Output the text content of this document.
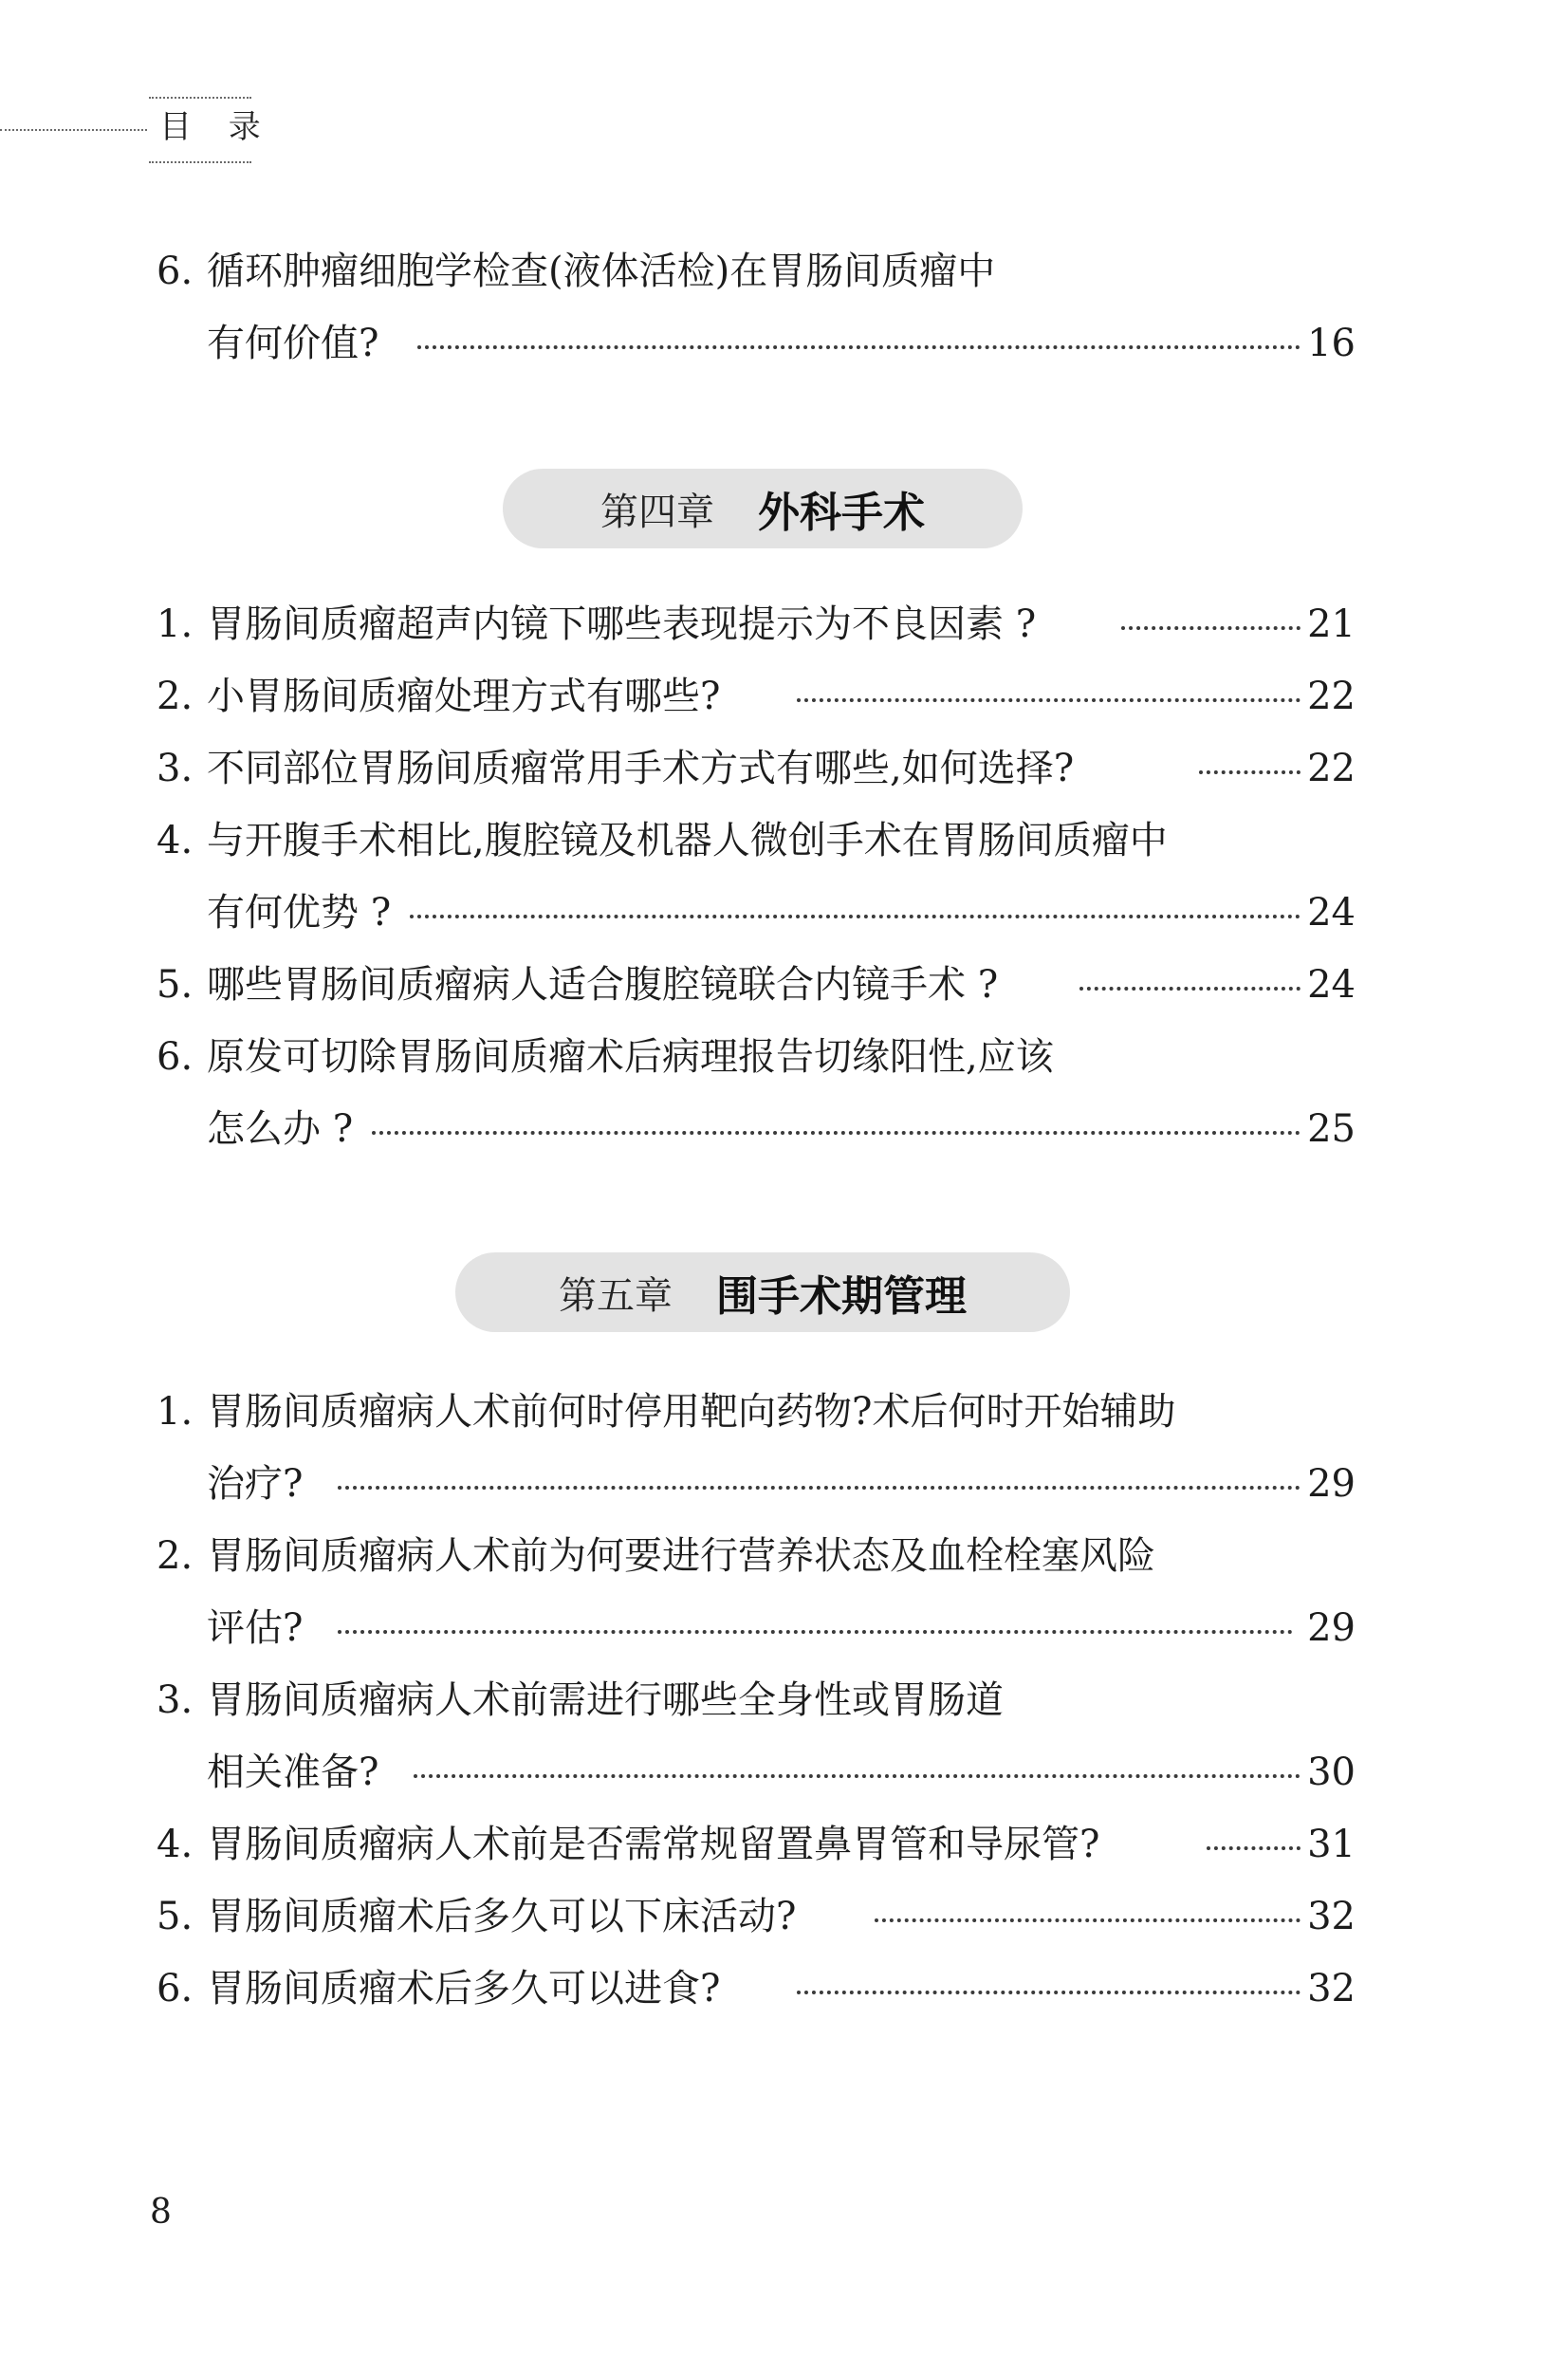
目 录
6. 循环肿瘤细胞学检查(液体活检)在胃肠间质瘤中
有何价值?	16
第四章 外科手术
1. 胃肠间质瘤超声内镜下哪些表现提示为不良因素 ?	21
2. 小胃肠间质瘤处理方式有哪些?	22
3. 不同部位胃肠间质瘤常用手术方式有哪些,如何选择?	22
4. 与开腹手术相比,腹腔镜及机器人微创手术在胃肠间质瘤中
有何优势 ?	24
5. 哪些胃肠间质瘤病人适合腹腔镜联合内镜手术 ?	24
6. 原发可切除胃肠间质瘤术后病理报告切缘阳性,应该
怎么办 ?	25
第五章 围手术期管理
1. 胃肠间质瘤病人术前何时停用靶向药物?术后何时开始辅助
治疗?	29
2. 胃肠间质瘤病人术前为何要进行营养状态及血栓栓塞风险
评估?	29
3. 胃肠间质瘤病人术前需进行哪些全身性或胃肠道
相关准备?	30
4. 胃肠间质瘤病人术前是否需常规留置鼻胃管和导尿管?	31
5. 胃肠间质瘤术后多久可以下床活动?	32
6. 胃肠间质瘤术后多久可以进食?	32
8
